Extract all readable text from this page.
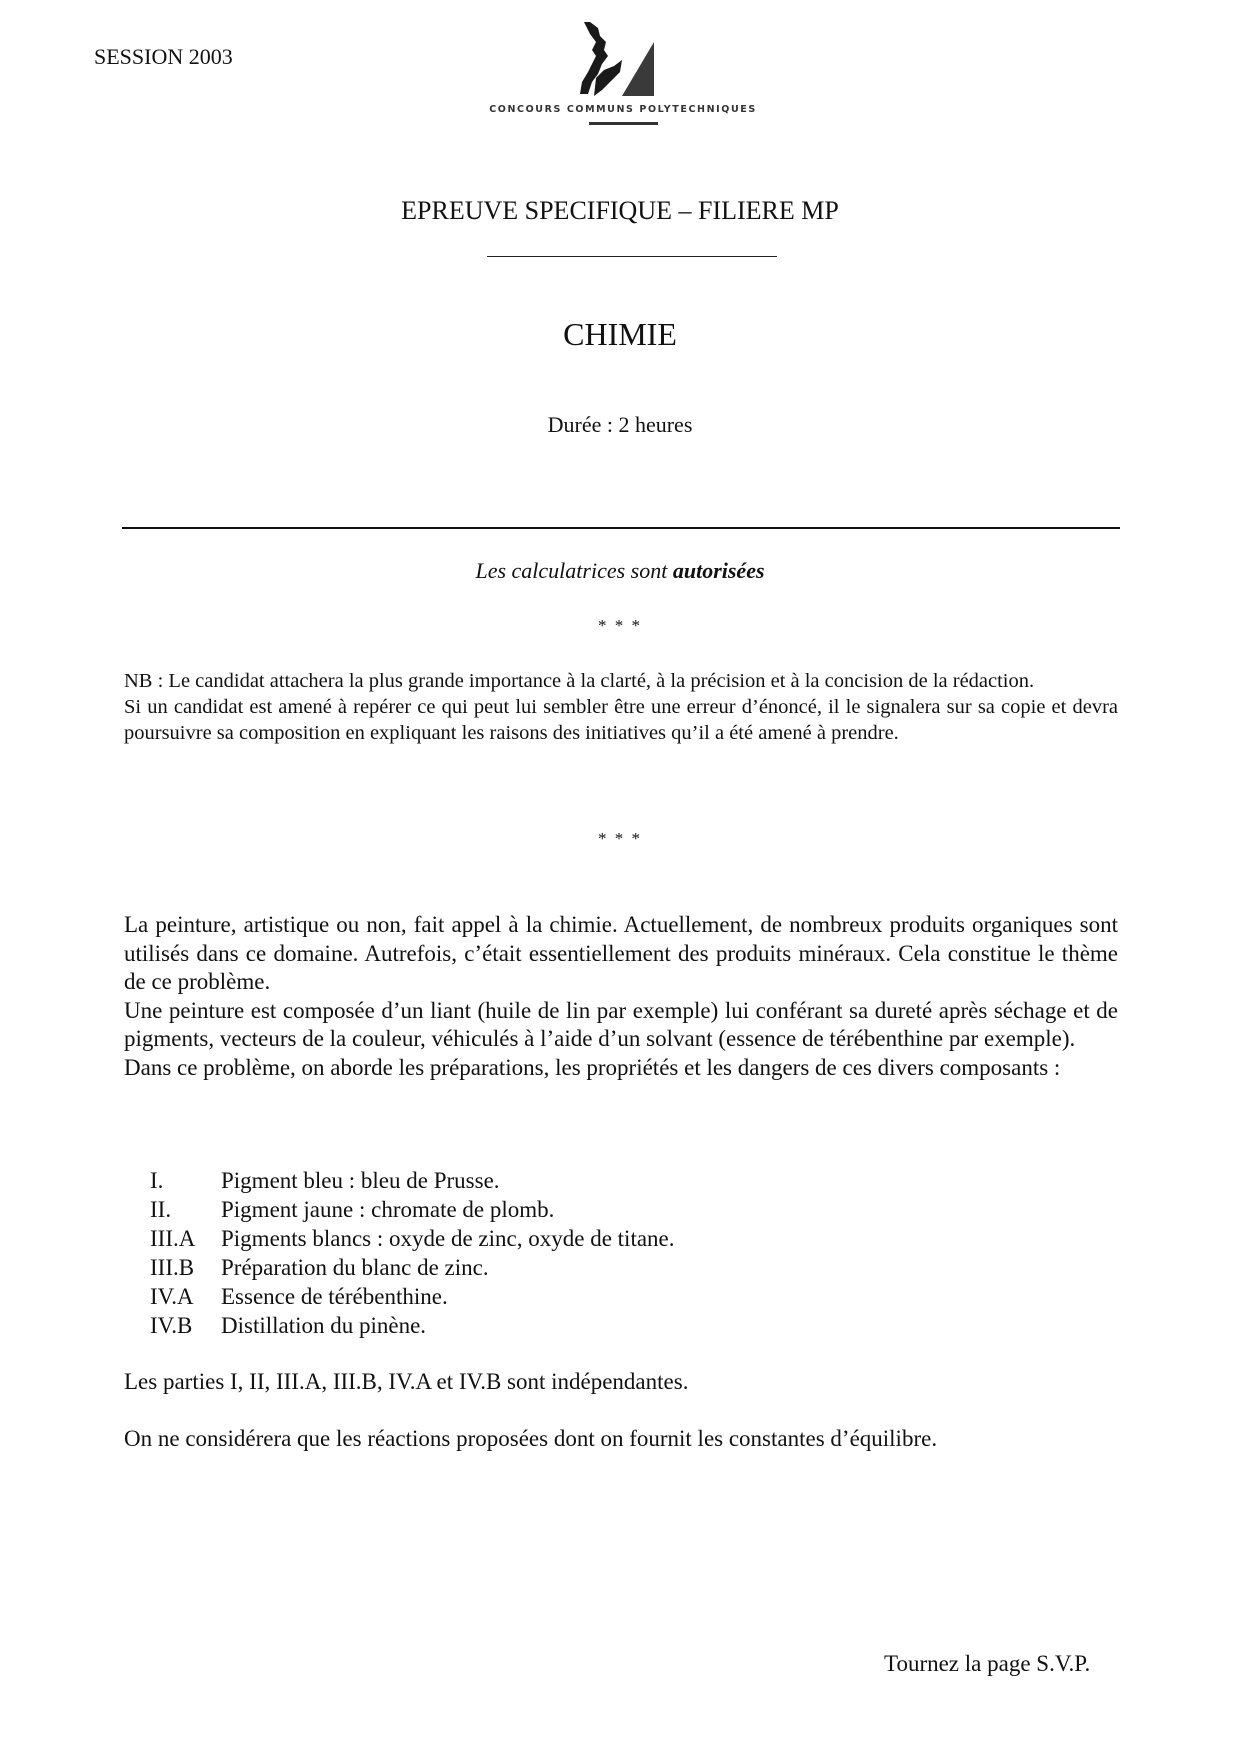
SESSION 2003
CONCOURS COMMUNS POLYTECHNIQUES
EPREUVE SPECIFIQUE – FILIERE MP
CHIMIE
Durée : 2 heures
Les calculatrices sont autorisées
* * *

NB : Le candidat attachera la plus grande importance à la clarté, à la précision et à la concision de la rédaction.

Si un candidat est amené à repérer ce qui peut lui sembler être une erreur d’énoncé, il le signalera sur sa copie et devra poursuivre sa composition en expliquant les raisons des initiatives qu’il a été amené à prendre.

* * *

La peinture, artistique ou non, fait appel à la chimie. Actuellement, de nombreux produits organiques sont utilisés dans ce domaine. Autrefois, c’était essentiellement des produits minéraux. Cela constitue le thème de ce problème.

Une peinture est composée d’un liant (huile de lin par exemple) lui conférant sa dureté après séchage et de pigments, vecteurs de la couleur, véhiculés à l’aide d’un solvant (essence de térébenthine par exemple).

Dans ce problème, on aborde les préparations, les propriétés et les dangers de ces divers composants :

I.	Pigment bleu : bleu de Prusse.
II.	Pigment jaune : chromate de plomb.
III.A	Pigments blancs : oxyde de zinc, oxyde de titane.
III.B	Préparation du blanc de zinc.
IV.A	Essence de térébenthine.
IV.B	Distillation du pinène.
Les parties I, II, III.A, III.B, IV.A et IV.B sont indépendantes.
On ne considérera que les réactions proposées dont on fournit les constantes d’équilibre.
Tournez la page S.V.P.
